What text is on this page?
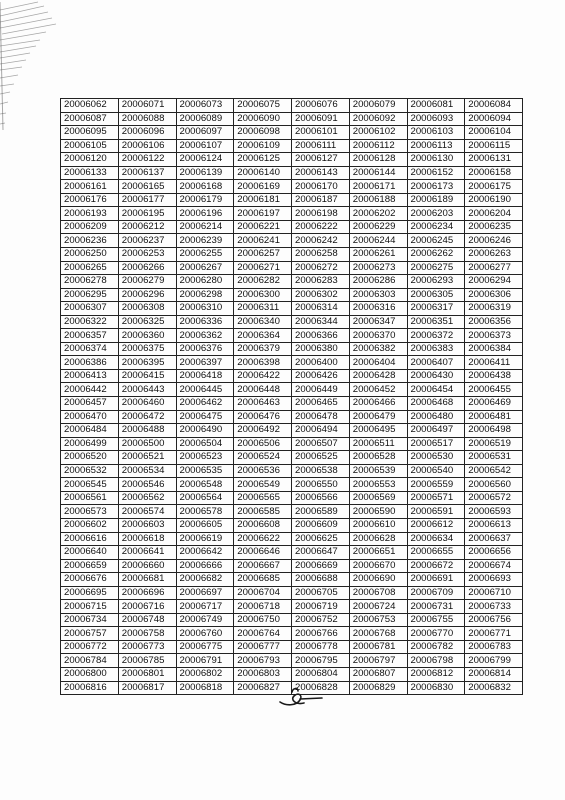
20006062	20006071	20006073	20006075	20006076	20006079	20006081	20006084
20006087	20006088	20006089	20006090	20006091	20006092	20006093	20006094
20006095	20006096	20006097	20006098	20006101	20006102	20006103	20006104
20006105	20006106	20006107	20006109	20006111	20006112	20006113	20006115
20006120	20006122	20006124	20006125	20006127	20006128	20006130	20006131
20006133	20006137	20006139	20006140	20006143	20006144	20006152	20006158
20006161	20006165	20006168	20006169	20006170	20006171	20006173	20006175
20006176	20006177	20006179	20006181	20006187	20006188	20006189	20006190
20006193	20006195	20006196	20006197	20006198	20006202	20006203	20006204
20006209	20006212	20006214	20006221	20006222	20006229	20006234	20006235
20006236	20006237	20006239	20006241	20006242	20006244	20006245	20006246
20006250	20006253	20006255	20006257	20006258	20006261	20006262	20006263
20006265	20006266	20006267	20006271	20006272	20006273	20006275	20006277
20006278	20006279	20006280	20006282	20006283	20006286	20006293	20006294
20006295	20006296	20006298	20006300	20006302	20006303	20006305	20006306
20006307	20006308	20006310	20006311	20006314	20006316	20006317	20006319
20006322	20006325	20006336	20006340	20006344	20006347	20006351	20006356
20006357	20006360	20006362	20006364	20006366	20006370	20006372	20006373
20006374	20006375	20006376	20006379	20006380	20006382	20006383	20006384
20006386	20006395	20006397	20006398	20006400	20006404	20006407	20006411
20006413	20006415	20006418	20006422	20006426	20006428	20006430	20006438
20006442	20006443	20006445	20006448	20006449	20006452	20006454	20006455
20006457	20006460	20006462	20006463	20006465	20006466	20006468	20006469
20006470	20006472	20006475	20006476	20006478	20006479	20006480	20006481
20006484	20006488	20006490	20006492	20006494	20006495	20006497	20006498
20006499	20006500	20006504	20006506	20006507	20006511	20006517	20006519
20006520	20006521	20006523	20006524	20006525	20006528	20006530	20006531
20006532	20006534	20006535	20006536	20006538	20006539	20006540	20006542
20006545	20006546	20006548	20006549	20006550	20006553	20006559	20006560
20006561	20006562	20006564	20006565	20006566	20006569	20006571	20006572
20006573	20006574	20006578	20006585	20006589	20006590	20006591	20006593
20006602	20006603	20006605	20006608	20006609	20006610	20006612	20006613
20006616	20006618	20006619	20006622	20006625	20006628	20006634	20006637
20006640	20006641	20006642	20006646	20006647	20006651	20006655	20006656
20006659	20006660	20006666	20006667	20006669	20006670	20006672	20006674
20006676	20006681	20006682	20006685	20006688	20006690	20006691	20006693
20006695	20006696	20006697	20006704	20006705	20006708	20006709	20006710
20006715	20006716	20006717	20006718	20006719	20006724	20006731	20006733
20006734	20006748	20006749	20006750	20006752	20006753	20006755	20006756
20006757	20006758	20006760	20006764	20006766	20006768	20006770	20006771
20006772	20006773	20006775	20006777	20006778	20006781	20006782	20006783
20006784	20006785	20006791	20006793	20006795	20006797	20006798	20006799
20006800	20006801	20006802	20006803	20006804	20006807	20006812	20006814
20006816	20006817	20006818	20006827	20006828	20006829	20006830	20006832
